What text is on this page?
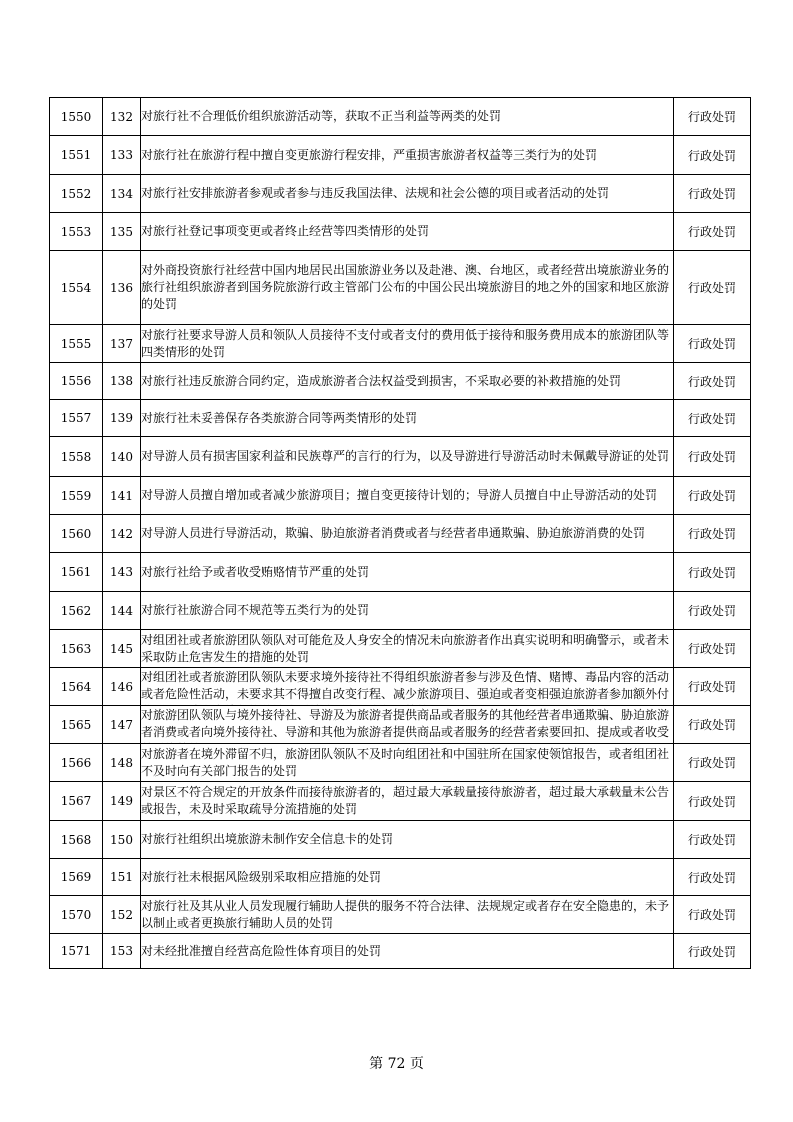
1550	132	对旅行社不合理低价组织旅游活动等，获取不正当利益等两类的处罚	行政处罚
1551	133	对旅行社在旅游行程中擅自变更旅游行程安排，严重损害旅游者权益等三类行为的处罚	行政处罚
1552	134	对旅行社安排旅游者参观或者参与违反我国法律、法规和社会公德的项目或者活动的处罚	行政处罚
1553	135	对旅行社登记事项变更或者终止经营等四类情形的处罚	行政处罚
1554	136	对外商投资旅行社经营中国内地居民出国旅游业务以及赴港、澳、台地区，或者经营出境旅游业务的旅行社组织旅游者到国务院旅游行政主管部门公布的中国公民出境旅游目的地之外的国家和地区旅游的处罚	行政处罚
1555	137	对旅行社要求导游人员和领队人员接待不支付或者支付的费用低于接待和服务费用成本的旅游团队等四类情形的处罚	行政处罚
1556	138	对旅行社违反旅游合同约定，造成旅游者合法权益受到损害，不采取必要的补救措施的处罚	行政处罚
1557	139	对旅行社未妥善保存各类旅游合同等两类情形的处罚	行政处罚
1558	140	对导游人员有损害国家利益和民族尊严的言行的行为，以及导游进行导游活动时未佩戴导游证的处罚	行政处罚
1559	141	对导游人员擅自增加或者减少旅游项目；擅自变更接待计划的；导游人员擅自中止导游活动的处罚	行政处罚
1560	142	对导游人员进行导游活动，欺骗、胁迫旅游者消费或者与经营者串通欺骗、胁迫旅游消费的处罚	行政处罚
1561	143	对旅行社给予或者收受贿赂情节严重的处罚	行政处罚
1562	144	对旅行社旅游合同不规范等五类行为的处罚	行政处罚
1563	145	对组团社或者旅游团队领队对可能危及人身安全的情况未向旅游者作出真实说明和明确警示，或者未采取防止危害发生的措施的处罚	行政处罚
1564	146	对组团社或者旅游团队领队未要求境外接待社不得组织旅游者参与涉及色情、赌博、毒品内容的活动或者危险性活动，未要求其不得擅自改变行程、减少旅游项目、强迫或者变相强迫旅游者参加额外付	行政处罚
1565	147	对旅游团队领队与境外接待社、导游及为旅游者提供商品或者服务的其他经营者串通欺骗、胁迫旅游者消费或者向境外接待社、导游和其他为旅游者提供商品或者服务的经营者索要回扣、提成或者收受	行政处罚
1566	148	对旅游者在境外滞留不归，旅游团队领队不及时向组团社和中国驻所在国家使领馆报告，或者组团社不及时向有关部门报告的处罚	行政处罚
1567	149	对景区不符合规定的开放条件而接待旅游者的，超过最大承载量接待旅游者，超过最大承载量未公告或报告，未及时采取疏导分流措施的处罚	行政处罚
1568	150	对旅行社组织出境旅游未制作安全信息卡的处罚	行政处罚
1569	151	对旅行社未根据风险级别采取相应措施的处罚	行政处罚
1570	152	对旅行社及其从业人员发现履行辅助人提供的服务不符合法律、法规规定或者存在安全隐患的，未予以制止或者更换旅行辅助人员的处罚	行政处罚
1571	153	对未经批准擅自经营高危险性体育项目的处罚	行政处罚
第 72 页
